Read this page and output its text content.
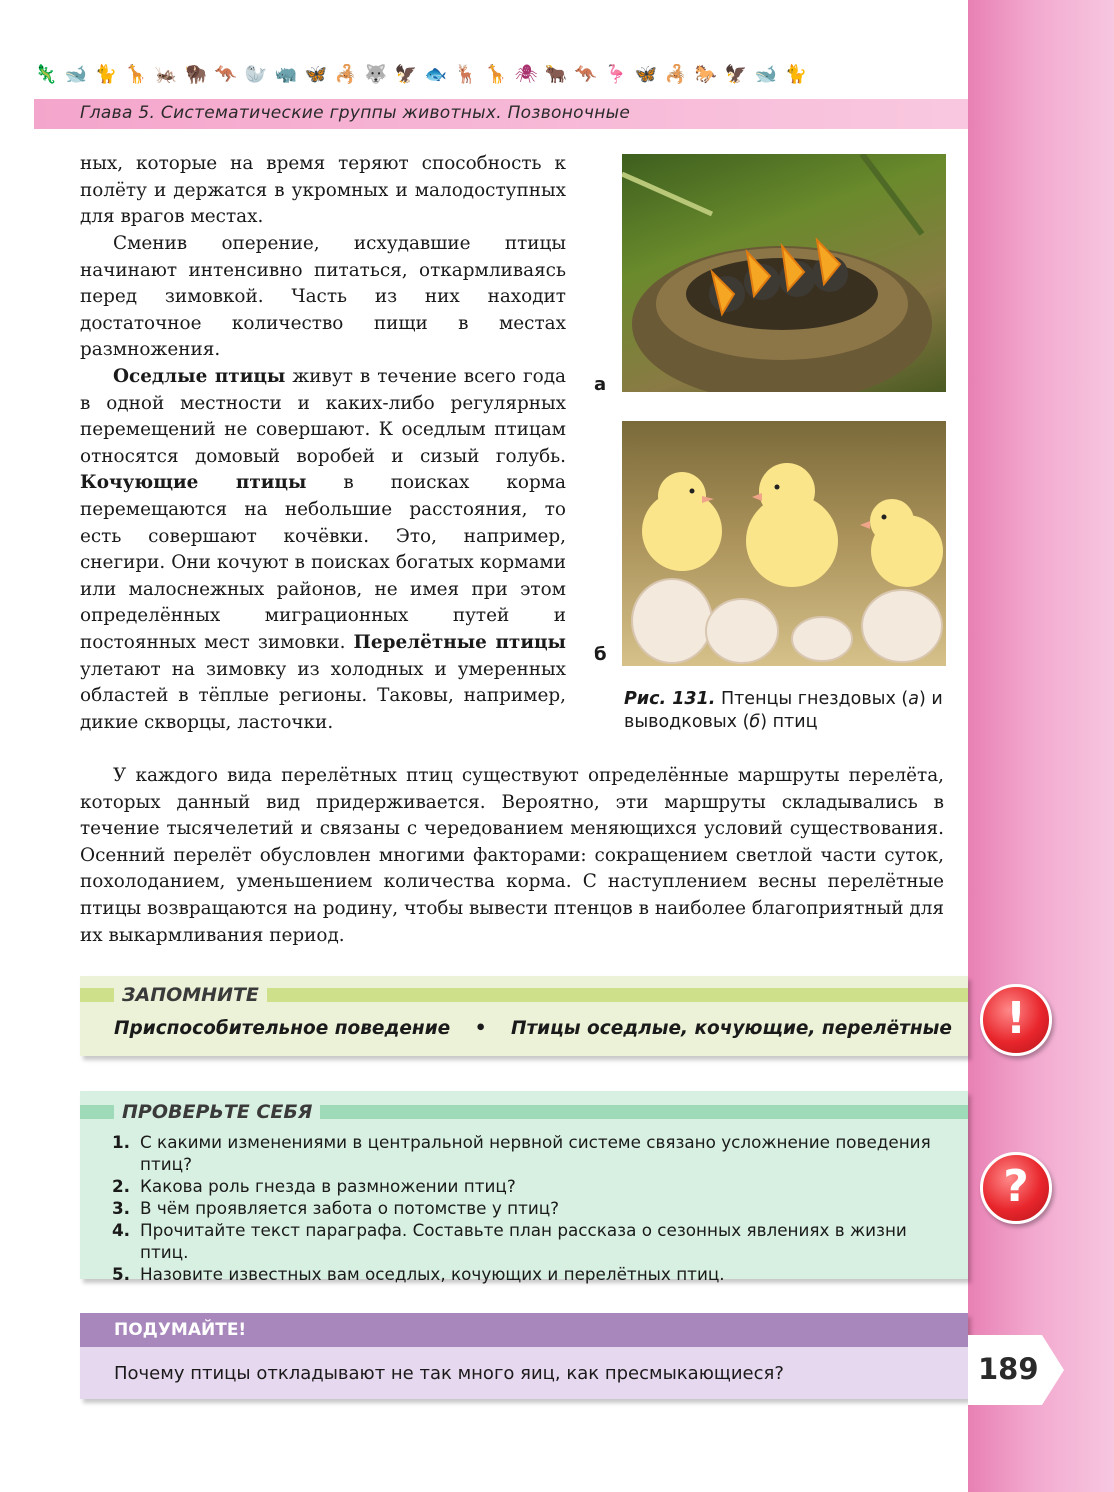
🦎 🐋 🐈 🦒 🦗 🦬 🦘 🦭 🦏 🦋 🦂 🐺 🦅 🐟 🦌 🦒 🕷 🐂 🦘 🦩 🦋 🦂 🐎 🦅 🐋 🐈
Глава 5. Систематические группы животных. Позвоночные

ных, которые на время теряют способность к полёту и держатся в укромных и малодоступных для врагов местах.

Сменив оперение, исхудавшие птицы начинают интенсивно питаться, откармливаясь перед зимовкой. Часть из них находит достаточное количество пищи в местах размножения.

Оседлые птицы живут в течение всего года в одной местности и каких-либо регулярных перемещений не совершают. К оседлым птицам относятся домовый воробей и сизый голубь. Кочующие птицы в поисках корма перемещаются на небольшие расстояния, то есть совершают кочёвки. Это, например, снегири. Они кочуют в поисках богатых кормами или малоснежных районов, не имея при этом определённых миграционных путей и постоянных мест зимовки. Перелётные птицы улетают на зимовку из холодных и умеренных областей в тёплые регионы. Таковы, например, дикие скворцы, ласточки.

У каждого вида перелётных птиц существуют определённые маршруты перелёта, которых данный вид придерживается. Вероятно, эти маршруты складывались в течение тысячелетий и связаны с чередованием меняющихся условий существования. Осенний перелёт обусловлен многими факторами: сокращением светлой части суток, похолоданием, уменьшением количества корма. С наступлением весны перелётные птицы возвращаются на родину, чтобы вывести птенцов в наиболее благоприятный для их выкармливания период.

а
б
Рис. 131. Птенцы гнездовых (а) и выводковых (б) птиц
ЗАПОМНИТЕ
Приспособительное поведение • Птицы оседлые, кочующие, перелётные	!
ПРОВЕРЬТЕ СЕБЯ
1. С какими изменениями в центральной нервной системе связано усложнение поведения птиц?
2. Какова роль гнезда в размножении птиц?
3. В чём проявляется забота о потомстве у птиц?
4. Прочитайте текст параграфа. Составьте план рассказа о сезонных явлениях в жизни птиц.
5. Назовите известных вам оседлых, кочующих и перелётных птиц.
?
ПОДУМАЙТЕ!
Почему птицы откладывают не так много яиц, как пресмыкающиеся?	189
